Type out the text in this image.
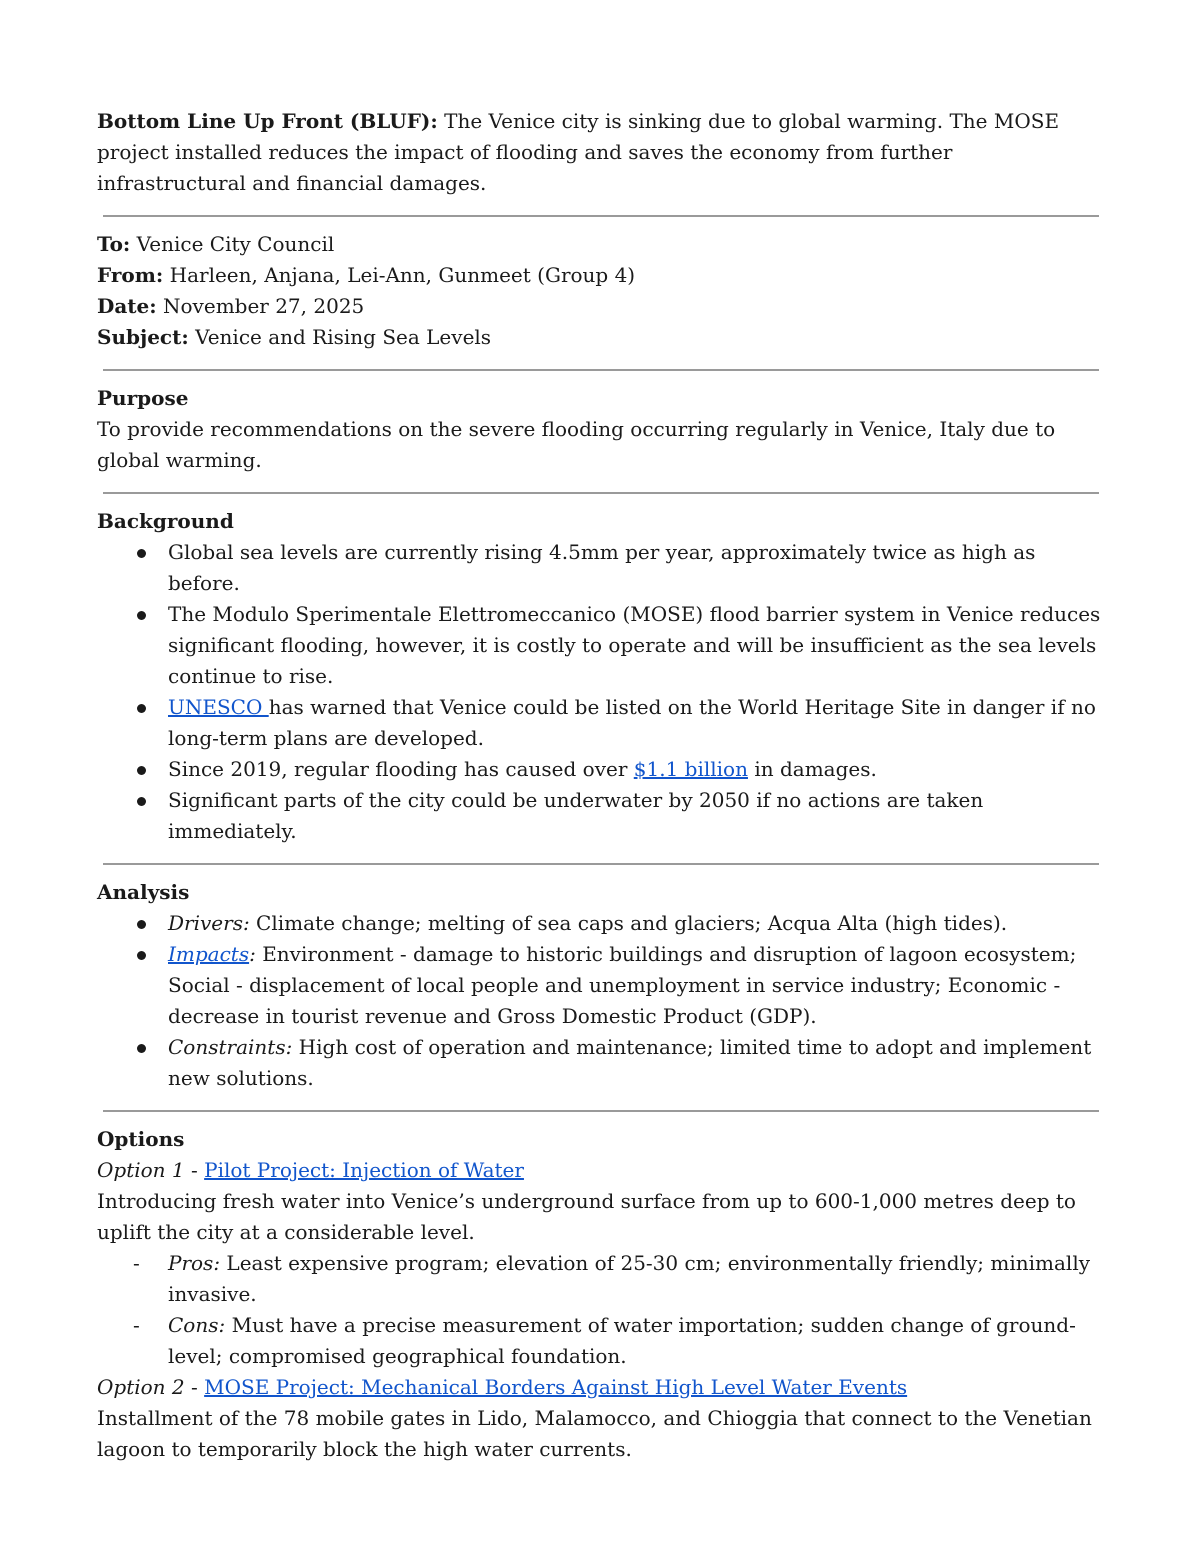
Bottom Line Up Front (BLUF): The Venice city is sinking due to global warming. The MOSE project installed reduces the impact of flooding and saves the economy from further infrastructural and financial damages.

To: Venice City Council

From: Harleen, Anjana, Lei-Ann, Gunmeet (Group 4)

Date: November 27, 2025

Subject: Venice and Rising Sea Levels

Purpose

To provide recommendations on the severe flooding occurring regularly in Venice, Italy due to global warming.

Background

Global sea levels are currently rising 4.5mm per year, approximately twice as high as before.
The Modulo Sperimentale Elettromeccanico (MOSE) flood barrier system in Venice reduces significant flooding, however, it is costly to operate and will be insufficient as the sea levels continue to rise.
UNESCO has warned that Venice could be listed on the World Heritage Site in danger if no long-term plans are developed.
Since 2019, regular flooding has caused over $1.1 billion in damages.
Significant parts of the city could be underwater by 2050 if no actions are taken immediately.

Analysis

Drivers: Climate change; melting of sea caps and glaciers; Acqua Alta (high tides).
Impacts: Environment - damage to historic buildings and disruption of lagoon ecosystem; Social - displacement of local people and unemployment in service industry; Economic - decrease in tourist revenue and Gross Domestic Product (GDP).
Constraints: High cost of operation and maintenance; limited time to adopt and implement new solutions.

Options

Option 1 - Pilot Project: Injection of Water

Introducing fresh water into Venice’s underground surface from up to 600-1,000 metres deep to uplift the city at a considerable level.

- Pros: Least expensive program; elevation of 25-30 cm; environmentally friendly; minimally invasive.
- Cons: Must have a precise measurement of water importation; sudden change of ground-level; compromised geographical foundation.

Option 2 - MOSE Project: Mechanical Borders Against High Level Water Events

Installment of the 78 mobile gates in Lido, Malamocco, and Chioggia that connect to the Venetian lagoon to temporarily block the high water currents.
